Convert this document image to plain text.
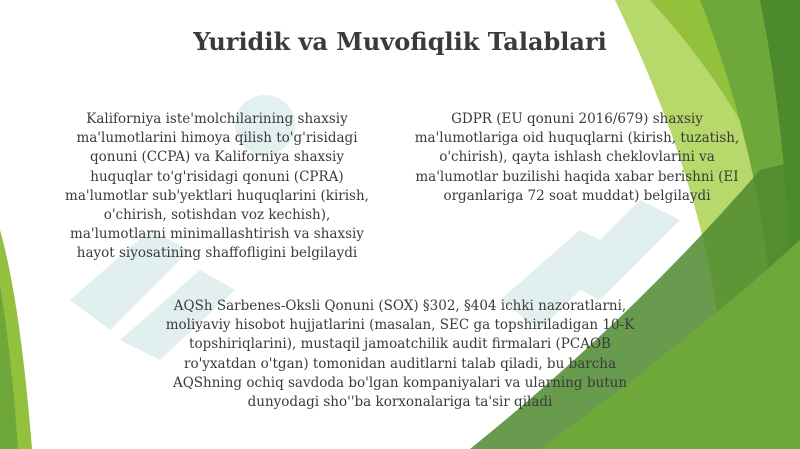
Yuridik va Muvofiqlik Talablari
Kaliforniya iste'molchilarining shaxsiy
ma'lumotlarini himoya qilish to'g'risidagi
qonuni (CCPA) va Kaliforniya shaxsiy
huquqlar to'g'risidagi qonuni (CPRA)
ma'lumotlar sub'yektlari huquqlarini (kirish,
o'chirish, sotishdan voz kechish),
ma'lumotlarni minimallashtirish va shaxsiy
hayot siyosatining shaffofligini belgilaydi
GDPR (EU qonuni 2016/679) shaxsiy
ma'lumotlariga oid huquqlarni (kirish, tuzatish,
o'chirish), qayta ishlash cheklovlarini va
ma'lumotlar buzilishi haqida xabar berishni (EI
organlariga 72 soat muddat) belgilaydi
AQSh Sarbenes-Oksli Qonuni (SOX) §302, §404 ichki nazoratlarni,
moliyaviy hisobot hujjatlarini (masalan, SEC ga topshiriladigan 10-K
topshiriqlarini), mustaqil jamoatchilik audit firmalari (PCAOB
ro'yxatdan o'tgan) tomonidan auditlarni talab qiladi, bu barcha
AQShning ochiq savdoda bo'lgan kompaniyalari va ularning butun
dunyodagi sho''ba korxonalariga ta'sir qiladi
